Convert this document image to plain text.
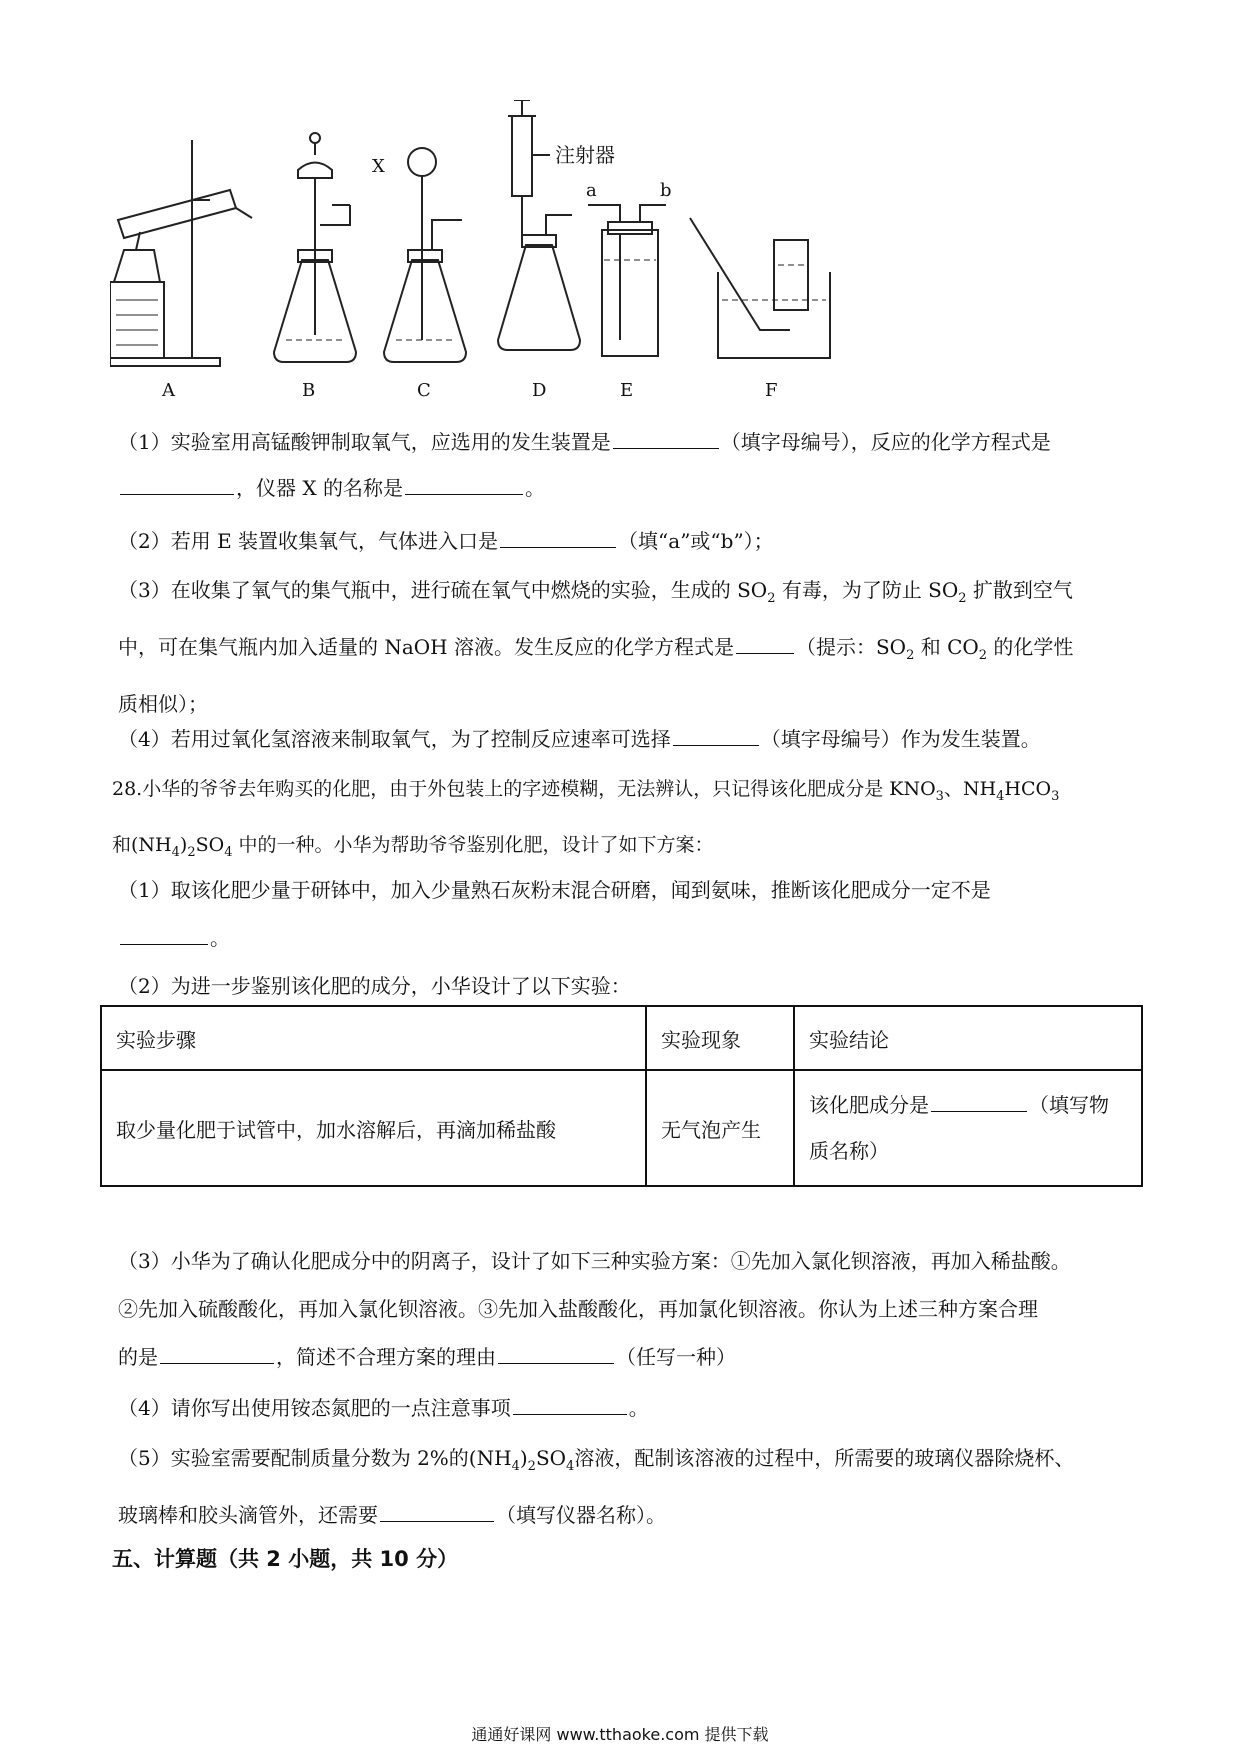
A	B	C	D	E	F
X	注射器
a	b
（1）实验室用高锰酸钾制取氧气，应选用的发生装置是	（填字母编号），反应的化学方程式是
，仪器 X 的名称是	。
（2）若用 E 装置收集氧气，气体进入口是	（填“a”或“b”）；
（3）在收集了氧气的集气瓶中，进行硫在氧气中燃烧的实验，生成的 $SO_2$ 有毒，为了防止 $SO_2$ 扩散到空气
中，可在集气瓶内加入适量的 NaOH 溶液。发生反应的化学方程式是	（提示：$SO_2$ 和 $CO_2$ 的化学性
质相似）；
（4）若用过氧化氢溶液来制取氧气，为了控制反应速率可选择	（填字母编号）作为发生装置。
28.小华的爷爷去年购买的化肥，由于外包装上的字迹模糊，无法辨认，只记得该化肥成分是 $KNO_3$、$NH_4HCO_3$
和$(NH_4)_2SO_4$ 中的一种。小华为帮助爷爷鉴别化肥，设计了如下方案：
（1）取该化肥少量于研钵中，加入少量熟石灰粉末混合研磨，闻到氨味，推断该化肥成分一定不是
。
（2）为进一步鉴别该化肥的成分，小华设计了以下实验：
实验步骤	实验现象	实验结论
取少量化肥于试管中，加水溶解后，再滴加稀盐酸	无气泡产生	该化肥成分是 （填写物
质名称）
（3）小华为了确认化肥成分中的阴离子，设计了如下三种实验方案：①先加入氯化钡溶液，再加入稀盐酸。
②先加入硫酸酸化，再加入氯化钡溶液。③先加入盐酸酸化，再加氯化钡溶液。你认为上述三种方案合理
的是	，简述不合理方案的理由	（任写一种）
（4）请你写出使用铵态氮肥的一点注意事项	。
（5）实验室需要配制质量分数为 2%的$(NH_4)_2SO_4$溶液，配制该溶液的过程中，所需要的玻璃仪器除烧杯、
玻璃棒和胶头滴管外，还需要	（填写仪器名称）。
五、计算题（共 2 小题，共 10 分）
通通好课网 www.tthaoke.com 提供下载
